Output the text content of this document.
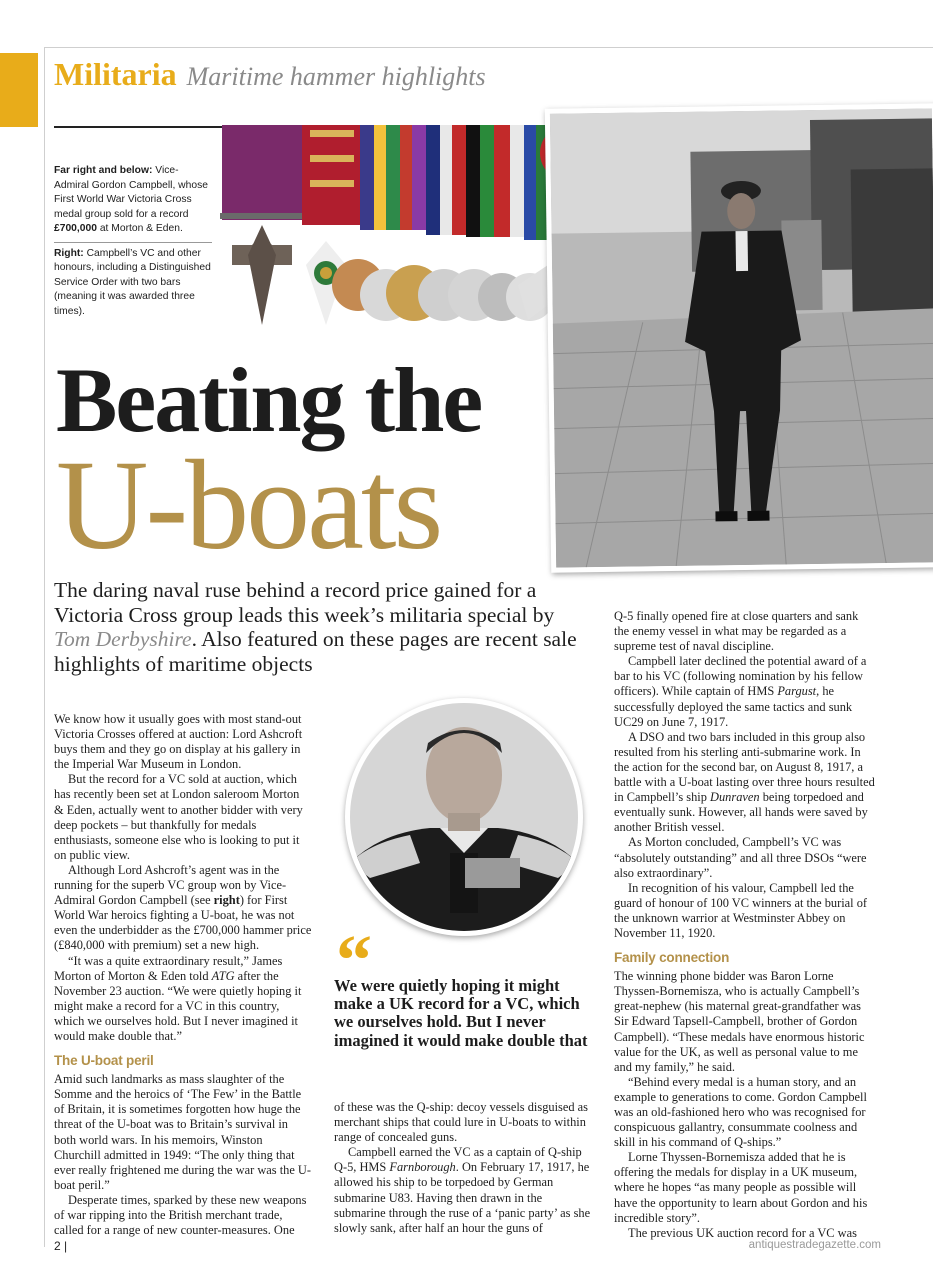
Militaria Maritime hammer highlights
Far right and below: Vice-Admiral Gordon Campbell, whose First World War Victoria Cross medal group sold for a record £700,000 at Morton & Eden.
Right: Campbell’s VC and other honours, including a Distinguished Service Order with two bars (meaning it was awarded three times).
Beating the
U-boats
The daring naval ruse behind a record price gained for a Victoria Cross group leads this week’s militaria special by Tom Derbyshire. Also featured on these pages are recent sale highlights of maritime objects

We know how it usually goes with most stand-out Victoria Crosses offered at auction: Lord Ashcroft buys them and they go on display at his gallery in the Imperial War Museum in London.

But the record for a VC sold at auction, which has recently been set at London saleroom Morton & Eden, actually went to another bidder with very deep pockets – but thankfully for medals enthusiasts, someone else who is looking to put it on public view.

Although Lord Ashcroft’s agent was in the running for the superb VC group won by Vice-Admiral Gordon Campbell (see right) for First World War heroics fighting a U-boat, he was not even the underbidder as the £700,000 hammer price (£840,000 with premium) set a new high.

“It was a quite extraordinary result,” James Morton of Morton & Eden told ATG after the November 23 auction. “We were quietly hoping it might make a record for a VC in this country, which we ourselves hold. But I never imagined it would make double that.”

The U-boat peril

Amid such landmarks as mass slaughter of the Somme and the heroics of ‘The Few’ in the Battle of Britain, it is sometimes forgotten how huge the threat of the U-boat was to Britain’s survival in both world wars. In his memoirs, Winston Churchill admitted in 1949: “The only thing that ever really frightened me during the war was the U-boat peril.”

Desperate times, sparked by these new weapons of war ripping into the British merchant trade, called for a range of new counter-measures. One

“
We were quietly hoping it might make a UK record for a VC, which we ourselves hold. But I never imagined it would make double that

of these was the Q-ship: decoy vessels disguised as merchant ships that could lure in U-boats to within range of concealed guns.

Campbell earned the VC as a captain of Q-ship Q-5, HMS Farnborough. On February 17, 1917, he allowed his ship to be torpedoed by German submarine U83. Having then drawn in the submarine through the ruse of a ‘panic party’ as she slowly sank, after half an hour the guns of

Q-5 finally opened fire at close quarters and sank the enemy vessel in what may be regarded as a supreme test of naval discipline.

Campbell later declined the potential award of a bar to his VC (following nomination by his fellow officers). While captain of HMS Pargust, he successfully deployed the same tactics and sunk UC29 on June 7, 1917.

A DSO and two bars included in this group also resulted from his sterling anti-submarine work. In the action for the second bar, on August 8, 1917, a battle with a U-boat lasting over three hours resulted in Campbell’s ship Dunraven being torpedoed and eventually sunk. However, all hands were saved by another British vessel.

As Morton concluded, Campbell’s VC was “absolutely outstanding” and all three DSOs “were also extraordinary”.

In recognition of his valour, Campbell led the guard of honour of 100 VC winners at the burial of the unknown warrior at Westminster Abbey on November 11, 1920.

Family connection

The winning phone bidder was Baron Lorne Thyssen-Bornemisza, who is actually Campbell’s great-nephew (his maternal great-grandfather was Sir Edward Tapsell-Campbell, brother of Gordon Campbell). “These medals have enormous historic value for the UK, as well as personal value to me and my family,” he said.

“Behind every medal is a human story, and an example to generations to come. Gordon Campbell was an old-fashioned hero who was recognised for conspicuous gallantry, consummate coolness and skill in his command of Q-ships.”

Lorne Thyssen-Bornemisza added that he is offering the medals for display in a UK museum, where he hopes “as many people as possible will have the opportunity to learn about Gordon and his incredible story”.

The previous UK auction record for a VC was

2 |	antiquestradegazette.com
